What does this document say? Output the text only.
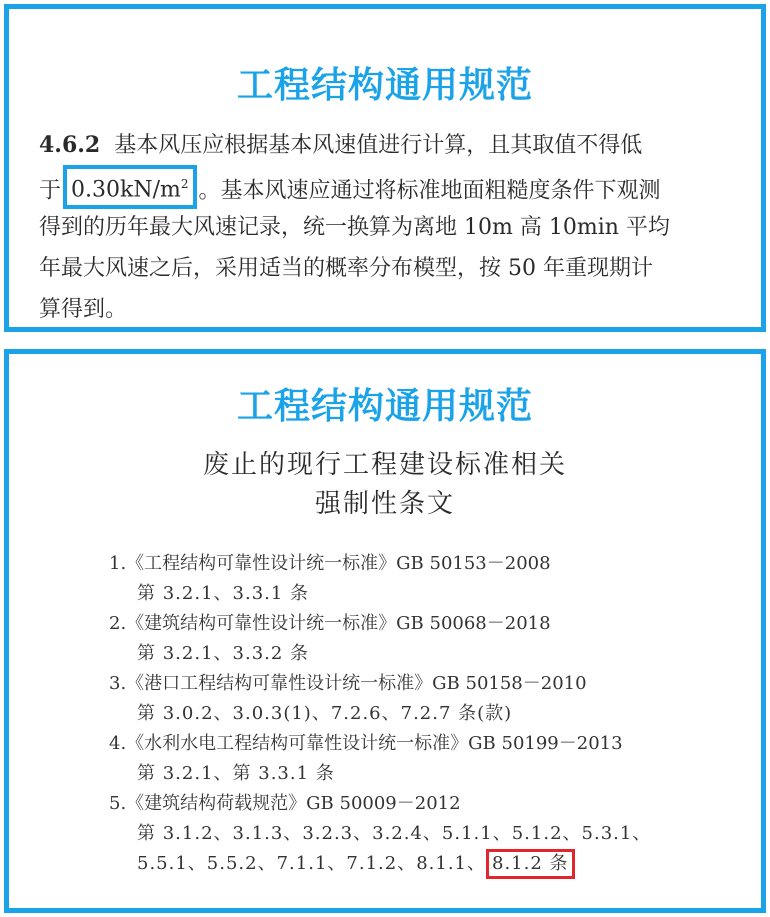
工程结构通用规范
4.6.2 基本风压应根据基本风速值进行计算，且其取值不得低
于 $0.30kN/m^2$ 。基本风速应通过将标准地面粗糙度条件下观测
得到的历年最大风速记录，统一换算为离地 10m 高 10min 平均
年最大风速之后，采用适当的概率分布模型，按 50 年重现期计
算得到。
工程结构通用规范
废止的现行工程建设标准相关
强制性条文
1.《工程结构可靠性设计统一标准》GB 50153－2008
第 3.2.1、3.3.1 条
2.《建筑结构可靠性设计统一标准》GB 50068－2018
第 3.2.1、3.3.2 条
3.《港口工程结构可靠性设计统一标准》GB 50158－2010
第 3.0.2、3.0.3(1)、7.2.6、7.2.7 条(款)
4.《水利水电工程结构可靠性设计统一标准》GB 50199－2013
第 3.2.1、第 3.3.1 条
5.《建筑结构荷载规范》GB 50009－2012
第 3.1.2、3.1.3、3.2.3、3.2.4、5.1.1、5.1.2、5.3.1、
5.5.1、5.5.2、7.1.1、7.1.2、8.1.1、 8.1.2 条
